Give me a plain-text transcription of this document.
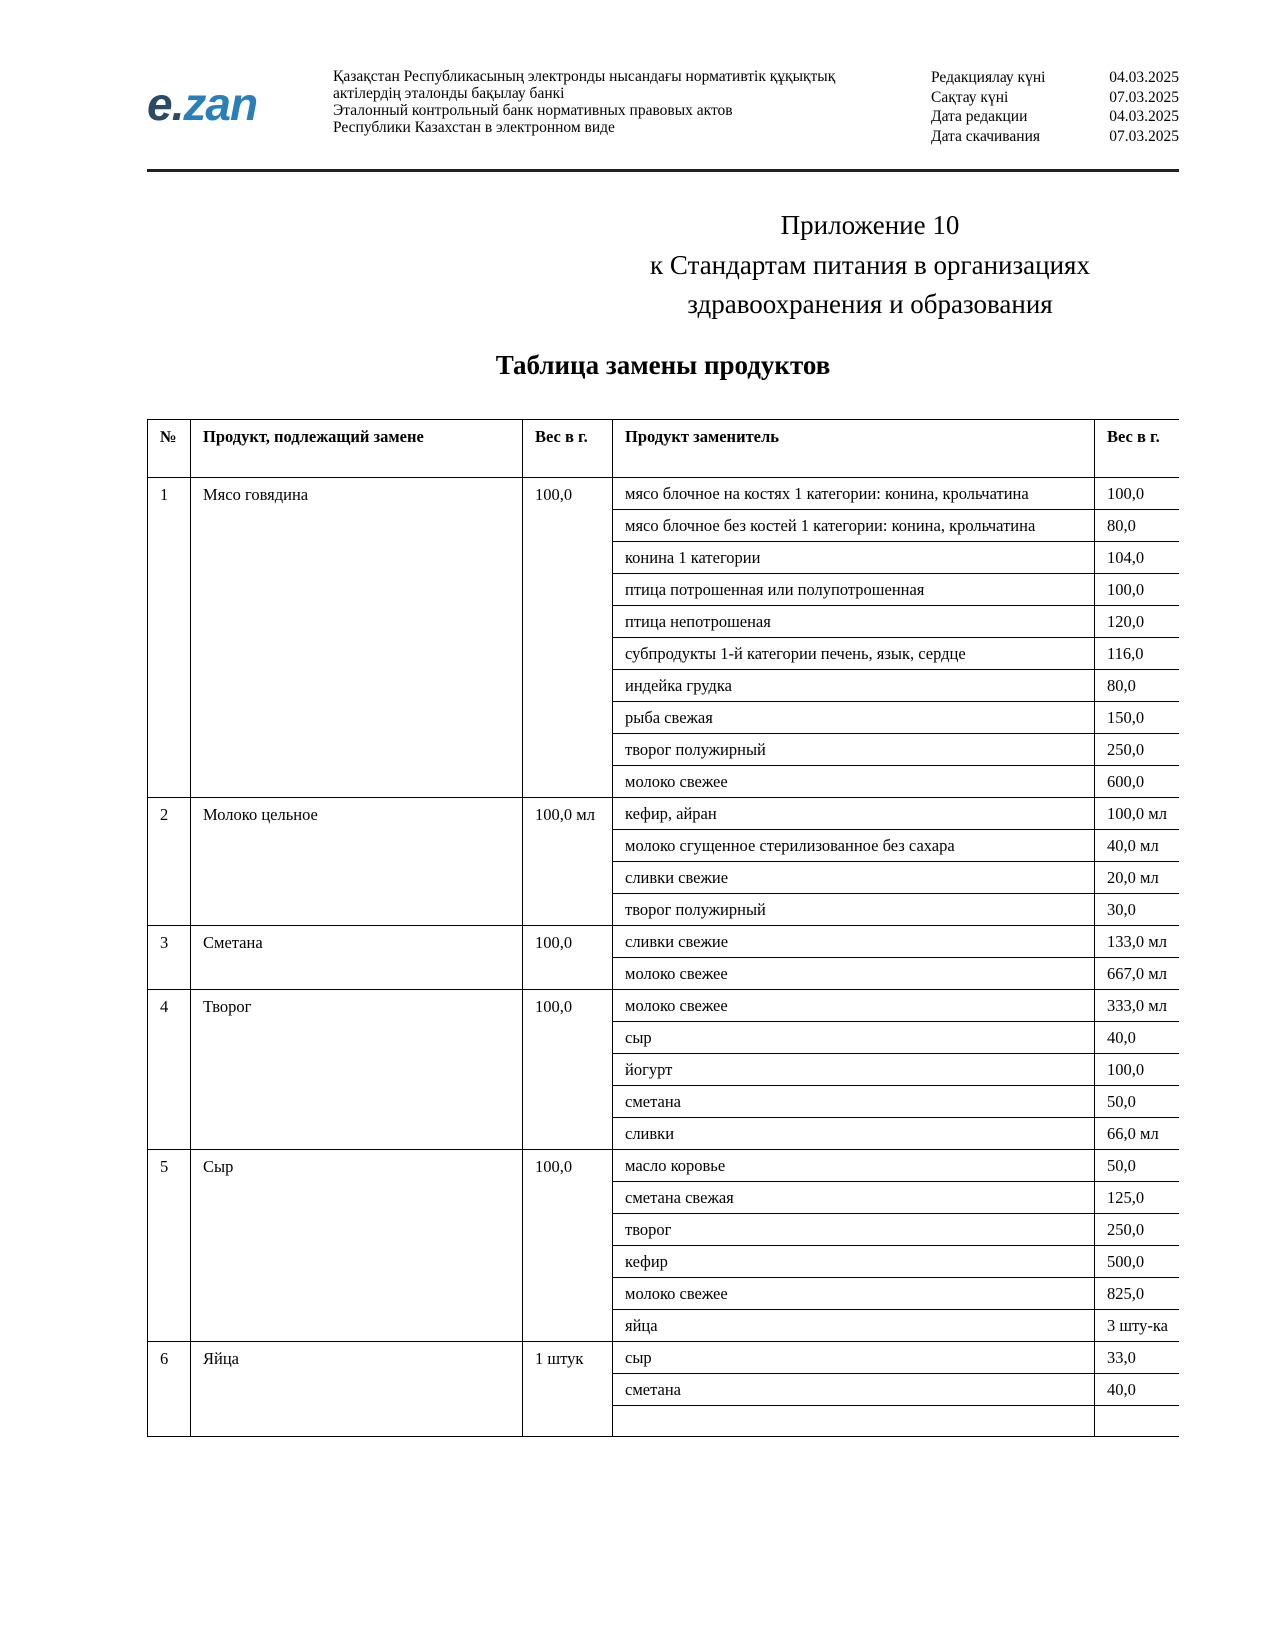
e.zan
Қазақстан Республикасының электронды нысандағы нормативтік құқықтық
актілердің эталонды бақылау банкі
Эталонный контрольный банк нормативных правовых актов
Республики Казахстан в электронном виде
Редакциялау күні	04.03.2025
Сақтау күні	07.03.2025
Дата редакции	04.03.2025
Дата скачивания	07.03.2025
Приложение 10
к Стандартам питания в организациях
здравоохранения и образования
Таблица замены продуктов
№	Продукт, подлежащий замене	Вес в г.	Продукт заменитель	Вес в г.
1	Мясо говядина	100,0	мясо блочное на костях 1 категории: конина, крольчатина	100,0
			мясо блочное без костей 1 категории: конина, крольчатина	80,0
			конина 1 категории	104,0
			птица потрошенная или полупотрошенная	100,0
			птица непотрошеная	120,0
			субпродукты 1-й категории печень, язык, сердце	116,0
			индейка грудка	80,0
			рыба свежая	150,0
			творог полужирный	250,0
			молоко свежее	600,0
2	Молоко цельное	100,0 мл	кефир, айран	100,0 мл
			молоко сгущенное стерилизованное без сахара	40,0 мл
			сливки свежие	20,0 мл
			творог полужирный	30,0
3	Сметана	100,0	сливки свежие	133,0 мл
			молоко свежее	667,0 мл
4	Творог	100,0	молоко свежее	333,0 мл
			сыр	40,0
			йогурт	100,0
			сметана	50,0
			сливки	66,0 мл
5	Сыр	100,0	масло коровье	50,0
			сметана свежая	125,0
			творог	250,0
			кефир	500,0
			молоко свежее	825,0
			яйца	3 шту-ка
6	Яйца	1 штук	сыр	33,0
			сметана	40,0
